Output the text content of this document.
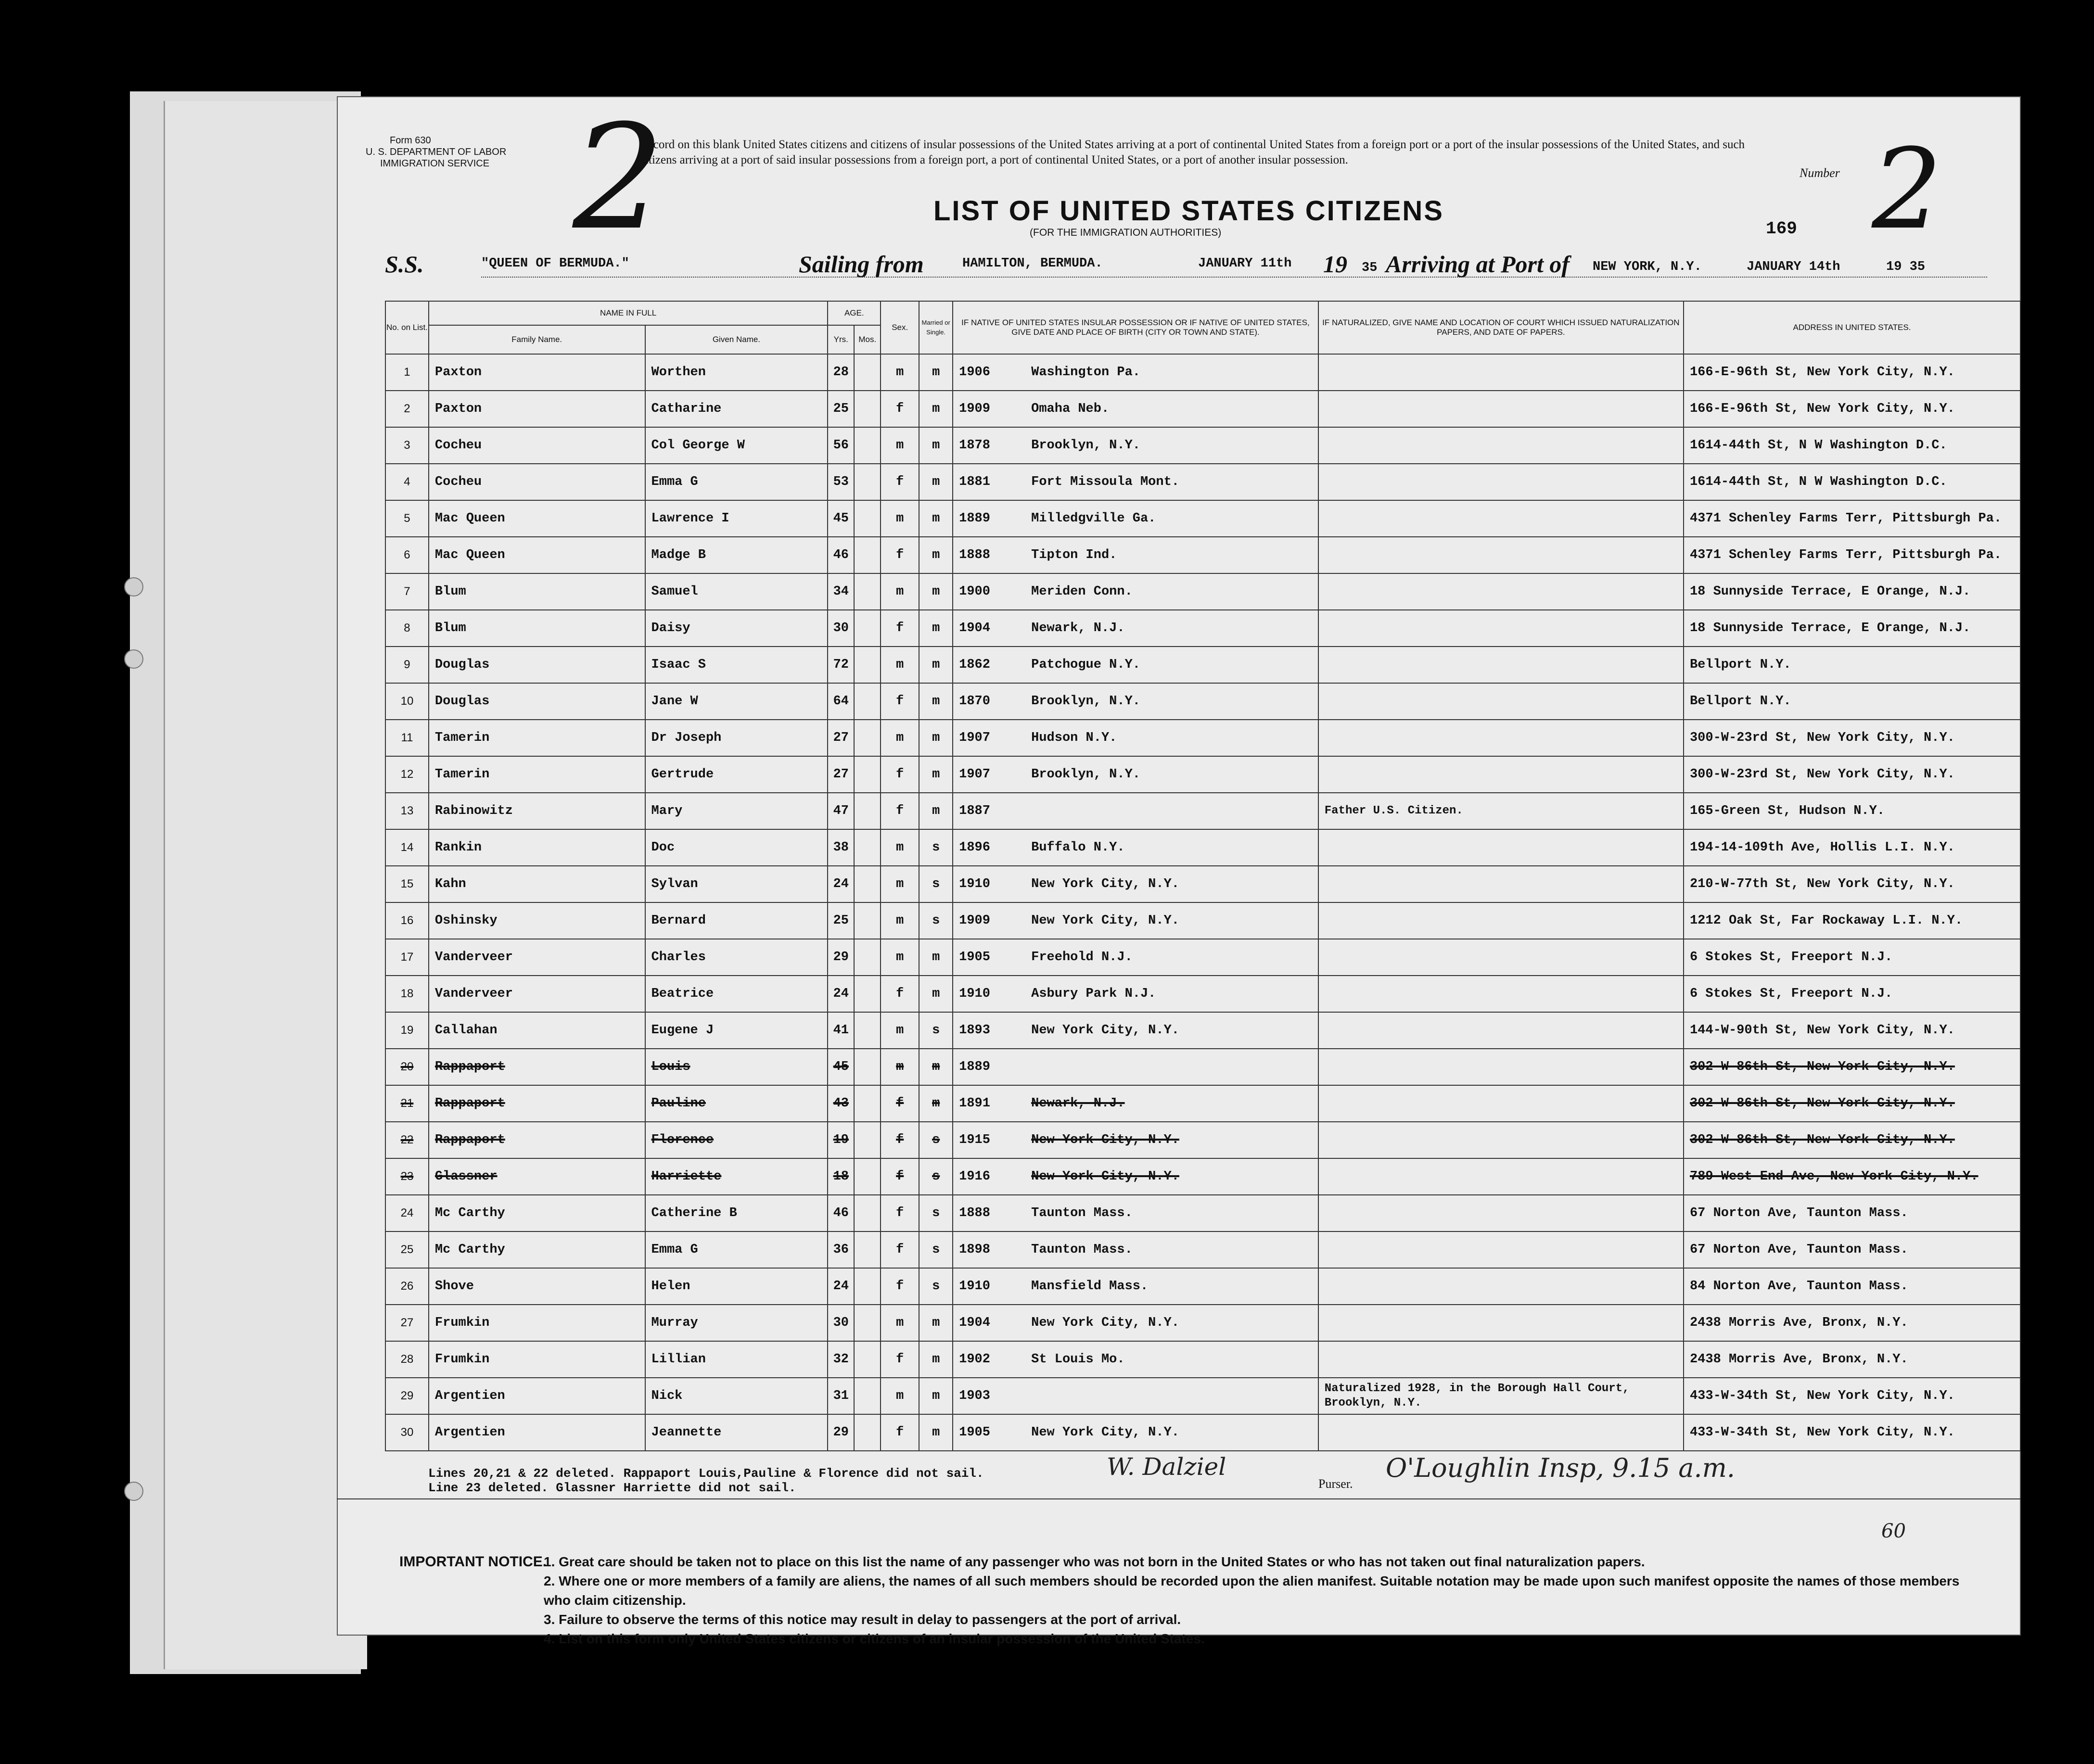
Form 630
U. S. DEPARTMENT OF LABOR
IMMIGRATION SERVICE 2	2
Record on this blank United States citizens and citizens of insular possessions of the United States arriving at a port of continental United States from a foreign port or a port of the insular possessions of the United States, and such citizens arriving at a port of said insular possessions from a foreign port, a port of continental United States, or a port of another insular possession.
Number
LIST OF UNITED STATES CITIZENS
(FOR THE IMMIGRATION AUTHORITIES)	169
S.S.	"QUEEN OF BERMUDA."	Sailing from	HAMILTON, BERMUDA.	JANUARY 11th 19 35 Arriving at Port of NEW YORK, N.Y.	JANUARY 14th	19 35
No. on List.	NAME IN FULL		AGE.		Sex.	Married or Single.	IF NATIVE OF UNITED STATES INSULAR POSSESSION OR IF NATIVE OF UNITED STATES, GIVE DATE AND PLACE OF BIRTH (CITY OR TOWN AND STATE).	IF NATURALIZED, GIVE NAME AND LOCATION OF COURT WHICH ISSUED NATURALIZATION PAPERS, AND DATE OF PAPERS.	ADDRESS IN UNITED STATES.
	Family Name.	Given Name.	Yrs.	Mos.					
1	Paxton	Worthen	28		m	m	1906 Washington Pa.		166-E-96th St, New York City, N.Y.
2	Paxton	Catharine	25		f	m	1909 Omaha Neb.		166-E-96th St, New York City, N.Y.
3	Cocheu	Col George W	56		m	m	1878 Brooklyn, N.Y.		1614-44th St, N W Washington D.C.
4	Cocheu	Emma G	53		f	m	1881 Fort Missoula Mont.		1614-44th St, N W Washington D.C.
5	Mac Queen	Lawrence I	45		m	m	1889 Milledgville Ga.		4371 Schenley Farms Terr, Pittsburgh Pa.
6	Mac Queen	Madge B	46		f	m	1888 Tipton Ind.		4371 Schenley Farms Terr, Pittsburgh Pa.
7	Blum	Samuel	34		m	m	1900 Meriden Conn.		18 Sunnyside Terrace, E Orange, N.J.
8	Blum	Daisy	30		f	m	1904 Newark, N.J.		18 Sunnyside Terrace, E Orange, N.J.
9	Douglas	Isaac S	72		m	m	1862 Patchogue N.Y.		Bellport N.Y.
10	Douglas	Jane W	64		f	m	1870 Brooklyn, N.Y.		Bellport N.Y.
11	Tamerin	Dr Joseph	27		m	m	1907 Hudson N.Y.		300-W-23rd St, New York City, N.Y.
12	Tamerin	Gertrude	27		f	m	1907 Brooklyn, N.Y.		300-W-23rd St, New York City, N.Y.
13	Rabinowitz	Mary	47		f	m	1887	Father U.S. Citizen.	165-Green St, Hudson N.Y.
14	Rankin	Doc	38		m	s	1896 Buffalo N.Y.		194-14-109th Ave, Hollis L.I. N.Y.
15	Kahn	Sylvan	24		m	s	1910 New York City, N.Y.		210-W-77th St, New York City, N.Y.
16	Oshinsky	Bernard	25		m	s	1909 New York City, N.Y.		1212 Oak St, Far Rockaway L.I. N.Y.
17	Vanderveer	Charles	29		m	m	1905 Freehold N.J.		6 Stokes St, Freeport N.J.
18	Vanderveer	Beatrice	24		f	m	1910 Asbury Park N.J.		6 Stokes St, Freeport N.J.
19	Callahan	Eugene J	41		m	s	1893 New York City, N.Y.		144-W-90th St, New York City, N.Y.
20	Rappaport	Louis	45		m	m	1889		302-W-86th St, New York City, N.Y.
21	Rappaport	Pauline	43		f	m	1891 Newark, N.J.		302-W-86th St, New York City, N.Y.
22	Rappaport	Florence	19		f	s	1915 New York City, N.Y.		302-W-86th St, New York City, N.Y.
23	Glassner	Harriette	18		f	s	1916 New York City, N.Y.		789 West End Ave, New York City, N.Y.
24	Mc Carthy	Catherine B	46		f	s	1888 Taunton Mass.		67 Norton Ave, Taunton Mass.
25	Mc Carthy	Emma G	36		f	s	1898 Taunton Mass.		67 Norton Ave, Taunton Mass.
26	Shove	Helen	24		f	s	1910 Mansfield Mass.		84 Norton Ave, Taunton Mass.
27	Frumkin	Murray	30		m	m	1904 New York City, N.Y.		2438 Morris Ave, Bronx, N.Y.
28	Frumkin	Lillian	32		f	m	1902 St Louis Mo.		2438 Morris Ave, Bronx, N.Y.
29	Argentien	Nick	31		m	m	1903	Naturalized 1928, in the Borough Hall Court, Brooklyn, N.Y.	433-W-34th St, New York City, N.Y.
30	Argentien	Jeannette	29		f	m	1905 New York City, N.Y.		433-W-34th St, New York City, N.Y.
Lines 20,21 & 22 deleted. Rappaport Louis,Pauline & Florence did not sail.
Line 23 deleted. Glassner Harriette did not sail.
W. Dalziel
Purser.
O'Loughlin Insp, 9.15 a.m.
60
IMPORTANT NOTICE.
1. Great care should be taken not to place on this list the name of any passenger who was not born in the United States or who has not taken out final naturalization papers.
2. Where one or more members of a family are aliens, the names of all such members should be recorded upon the alien manifest. Suitable notation may be made upon such manifest opposite the names of those members who claim citizenship.
3. Failure to observe the terms of this notice may result in delay to passengers at the port of arrival.
4. List on this form only United States citizens or citizens of an insular possession of the United States.
